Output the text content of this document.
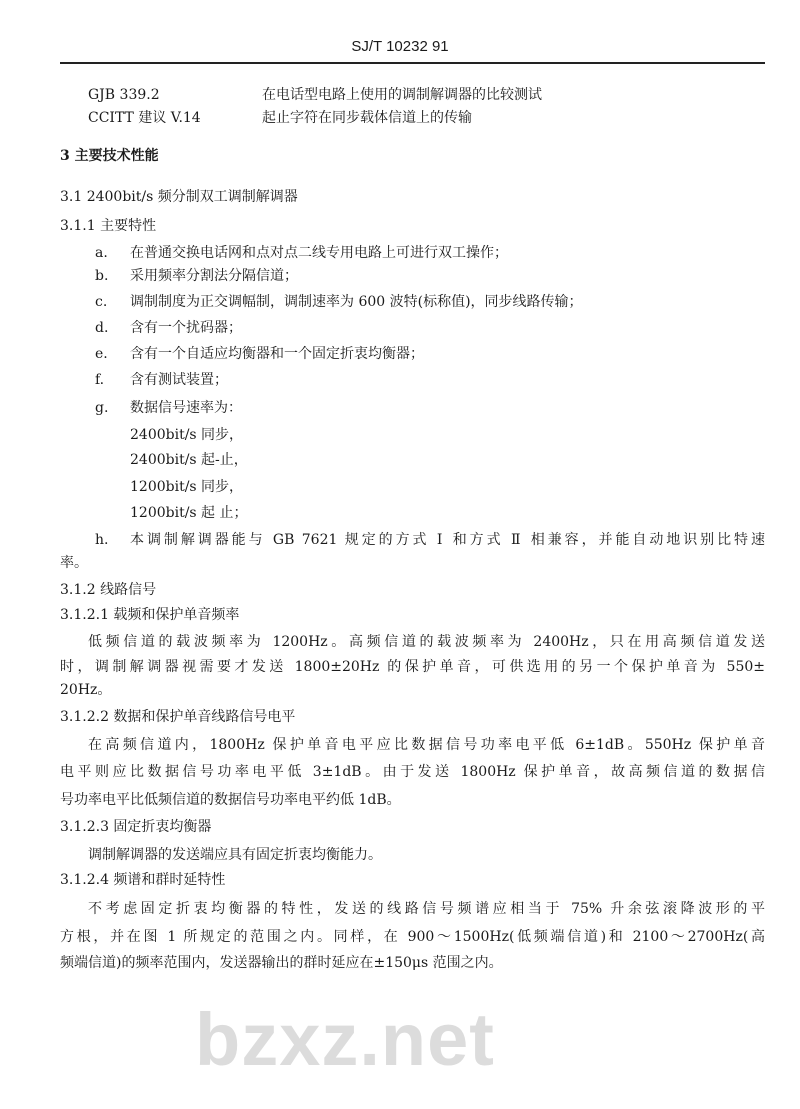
SJ/T 10232 91
bzxz.net
GJB 339.2	在电话型电路上使用的调制解调器的比较测试
CCITT 建议 V.14	起止字符在同步载体信道上的传输
3 主要技术性能
3.1 2400bit/s 频分制双工调制解调器
3.1.1 主要特性
a. 在普通交换电话网和点对点二线专用电路上可进行双工操作；
b. 采用频率分割法分隔信道；
c. 调制制度为正交调幅制，调制速率为 600 波特(标称值)，同步线路传输；
d. 含有一个扰码器；
e. 含有一个自适应均衡器和一个固定折衷均衡器；
f. 含有测试装置；
g. 数据信号速率为：
2400bit/s 同步，
2400bit/s 起-止，
1200bit/s 同步，
1200bit/s 起 止；
h. 本调制解调器能与 GB 7621 规定的方式 Ⅰ 和方式 Ⅱ 相兼容，并能自动地识别比特速
率。
3.1.2 线路信号
3.1.2.1 载频和保护单音频率
低频信道的载波频率为 1200Hz。高频信道的载波频率为 2400Hz，只在用高频信道发送
时，调制解调器视需要才发送 1800±20Hz 的保护单音，可供选用的另一个保护单音为 550±
20Hz。
3.1.2.2 数据和保护单音线路信号电平
在高频信道内，1800Hz 保护单音电平应比数据信号功率电平低 6±1dB。550Hz 保护单音
电平则应比数据信号功率电平低 3±1dB。由于发送 1800Hz 保护单音，故高频信道的数据信
号功率电平比低频信道的数据信号功率电平约低 1dB。
3.1.2.3 固定折衷均衡器
调制解调器的发送端应具有固定折衷均衡能力。
3.1.2.4 频谱和群时延特性
不考虑固定折衷均衡器的特性，发送的线路信号频谱应相当于 75% 升余弦滚降波形的平
方根，并在图 1 所规定的范围之内。同样，在 900～1500Hz(低频端信道)和 2100～2700Hz(高
频端信道)的频率范围内，发送器输出的群时延应在±150μs 范围之内。
